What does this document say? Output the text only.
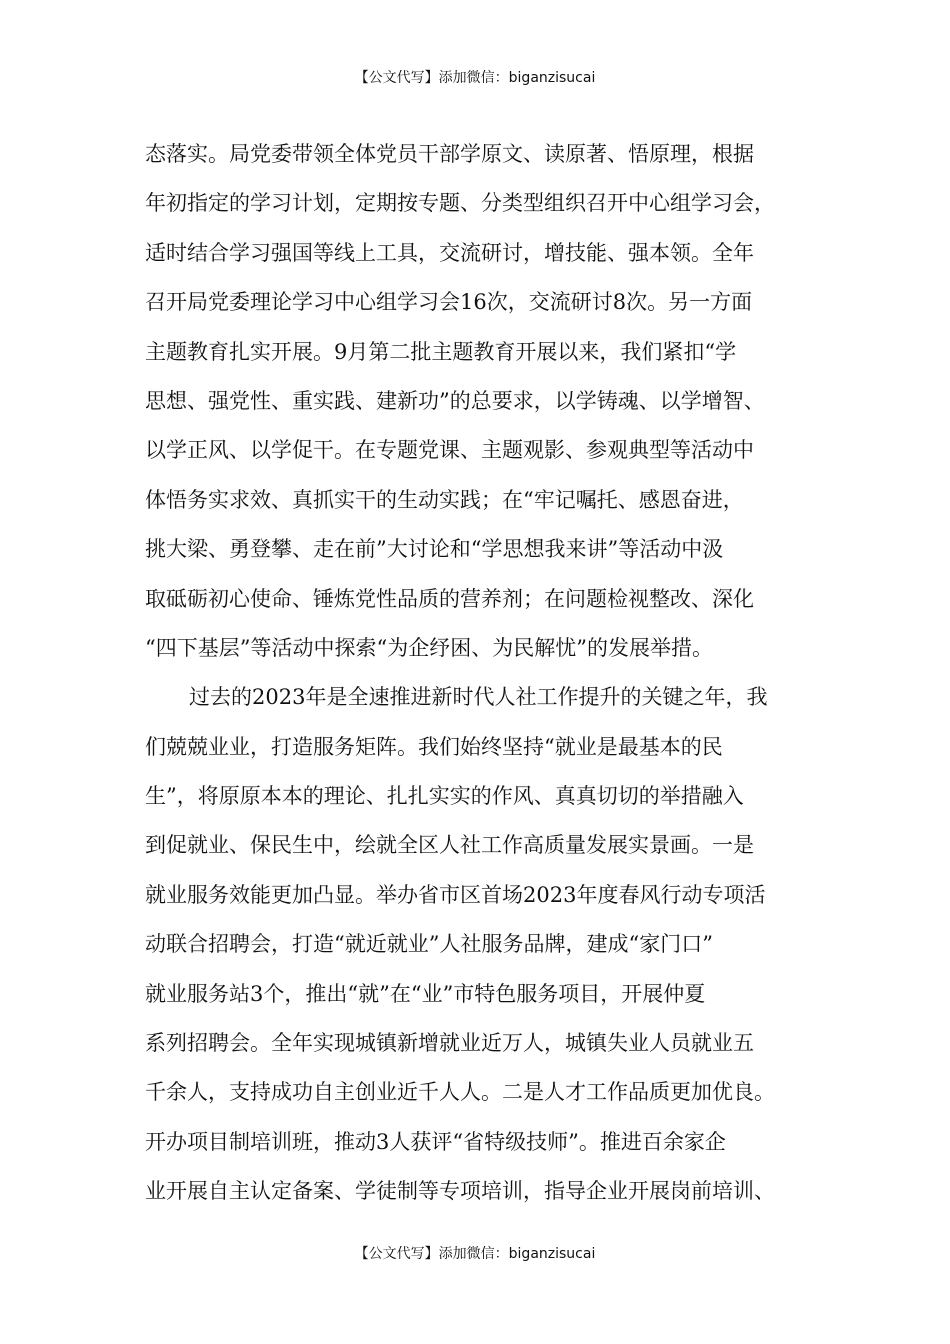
【公文代写】添加微信：biganzisucai
态落实。局党委带领全体党员干部学原文、读原著、悟原理，根据
年初指定的学习计划，定期按专题、分类型组织召开中心组学习会，
适时结合学习强国等线上工具，交流研讨，增技能、强本领。全年
召开局党委理论学习中心组学习会16次，交流研讨8次。另一方面
主题教育扎实开展。9月第二批主题教育开展以来，我们紧扣“学
思想、强党性、重实践、建新功”的总要求，以学铸魂、以学增智、
以学正风、以学促干。在专题党课、主题观影、参观典型等活动中
体悟务实求效、真抓实干的生动实践；在“牢记嘱托、感恩奋进，
挑大梁、勇登攀、走在前”大讨论和“学思想我来讲”等活动中汲
取砥砺初心使命、锤炼党性品质的营养剂；在问题检视整改、深化
“四下基层”等活动中探索“为企纾困、为民解忧”的发展举措。
过去的2023年是全速推进新时代人社工作提升的关键之年，我
们兢兢业业，打造服务矩阵。我们始终坚持“就业是最基本的民
生”，将原原本本的理论、扎扎实实的作风、真真切切的举措融入
到促就业、保民生中，绘就全区人社工作高质量发展实景画。一是
就业服务效能更加凸显。举办省市区首场2023年度春风行动专项活
动联合招聘会，打造“就近就业”人社服务品牌，建成“家门口”
就业服务站3个，推出“就”在“业”市特色服务项目，开展仲夏
系列招聘会。全年实现城镇新增就业近万人，城镇失业人员就业五
千余人，支持成功自主创业近千人人。二是人才工作品质更加优良。
开办项目制培训班，推动3人获评“省特级技师”。推进百余家企
业开展自主认定备案、学徒制等专项培训，指导企业开展岗前培训、
【公文代写】添加微信：biganzisucai
